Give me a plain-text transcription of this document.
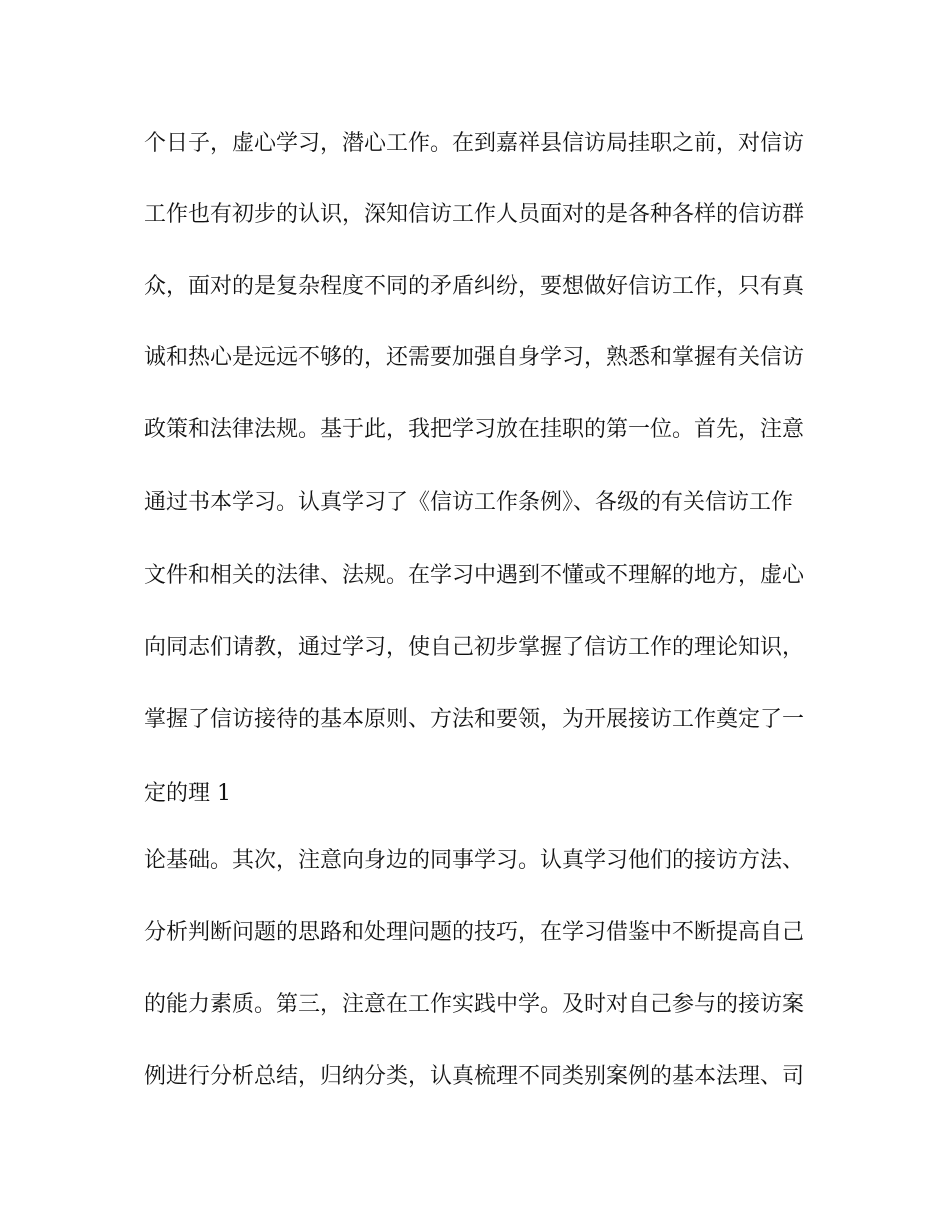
个日子，虚心学习，潜心工作。在到嘉祥县信访局挂职之前，对信访
工作也有初步的认识，深知信访工作人员面对的是各种各样的信访群
众，面对的是复杂程度不同的矛盾纠纷，要想做好信访工作，只有真
诚和热心是远远不够的，还需要加强自身学习，熟悉和掌握有关信访
政策和法律法规。基于此，我把学习放在挂职的第一位。首先，注意
通过书本学习。认真学习了《信访工作条例》、各级的有关信访工作
文件和相关的法律、法规。在学习中遇到不懂或不理解的地方，虚心
向同志们请教，通过学习，使自己初步掌握了信访工作的理论知识，
掌握了信访接待的基本原则、方法和要领，为开展接访工作奠定了一
定的理 1
论基础。其次，注意向身边的同事学习。认真学习他们的接访方法、
分析判断问题的思路和处理问题的技巧，在学习借鉴中不断提高自己
的能力素质。第三，注意在工作实践中学。及时对自己参与的接访案
例进行分析总结，归纳分类，认真梳理不同类别案例的基本法理、司
